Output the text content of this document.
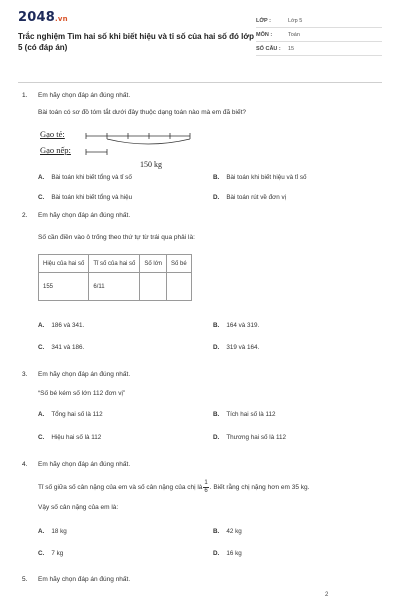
2048.vn
Trắc nghiệm Tìm hai số khi biết hiệu và tỉ số của hai số đó lớp 5 (có đáp án)
LỚP :	Lớp 5
MÔN :	Toán
SỐ CÂU :	15
1. Em hãy chọn đáp án đúng nhất.
Bài toán có sơ đồ tóm tắt dưới đây thuộc dạng toán nào mà em đã biết?
Gạo tẻ:
Gạo nếp:
150 kg
A. Bài toán khi biết tổng và tỉ số	B. Bài toán khi biết hiệu và tỉ số
C. Bài toán khi biết tổng và hiệu	D. Bài toán rút về đơn vị
2. Em hãy chọn đáp án đúng nhất.
Số cần điền vào ô trống theo thứ tự từ trái qua phải là:
Hiệu của hai số	Tỉ số của hai số	Số lớn	Số bé
155	6/11		
A. 186 và 341.	B. 164 và 319.
C. 341 và 186.	D. 319 và 164.
3. Em hãy chọn đáp án đúng nhất.
“Số bé kém số lớn 112 đơn vị”
A. Tổng hai số là 112	B. Tích hai số là 112
C. Hiệu hai số là 112	D. Thương hai số là 112
4. Em hãy chọn đáp án đúng nhất.
Tỉ số giữa số cân nặng của em và số cân nặng của chị là $\frac{1}{6}$ . Biết rằng chị nặng hơn em 35 kg.
Vậy số cân nặng của em là:
A. 18 kg	B. 42 kg
C. 7 kg	D. 16 kg
5. Em hãy chọn đáp án đúng nhất.
2
